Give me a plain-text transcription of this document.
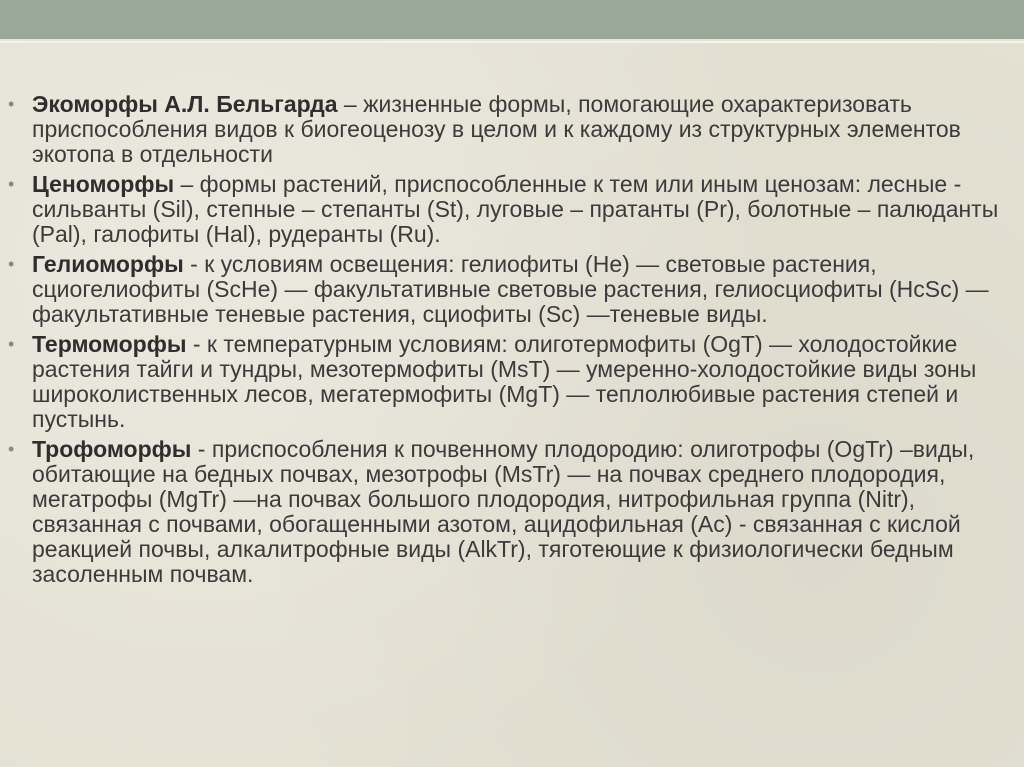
• Экоморфы А.Л. Бельгарда – жизненные формы, помогающие охарактеризовать приспособления видов к биогеоценозу в целом и к каждому из структурных элементов экотопа в отдельности
• Ценоморфы – формы растений, приспособленные к тем или иным ценозам: лесные - сильванты (Sil), степные – степанты (St), луговые – пратанты (Pr), болотные – палюданты (Pal), галофиты (Hal), рудеранты (Ru).
• Гелиоморфы - к условиям освещения: гелиофиты (He) — световые растения, сциогелиофиты (ScHe) — факультативные световые растения, гелиосциофиты (HcSc) — факультативные теневые растения, сциофиты (Sc) —теневые виды.
• Термоморфы - к температурным условиям: олиготермофиты (OgT) — холодостойкие растения тайги и тундры, мезотермофиты (MsT) — умеренно-холодостойкие виды зоны широколиственных лесов, мегатермофиты (MgT) — теплолюбивые растения степей и пустынь.
• Трофоморфы - приспособления к почвенному плодородию: олиготрофы (OgTr) –виды, обитающие на бедных почвах, мезотрофы (MsTr) — на почвах среднего плодородия, мегатрофы (MgTr) —на почвах большого плодородия, нитрофильная группа (Nitr), связанная с почвами, обогащенными азотом, ацидофильная (Ac) - связанная с кислой реакцией почвы, алкалитрофные виды (AlkTr), тяготеющие к физиологически бедным засоленным почвам.
